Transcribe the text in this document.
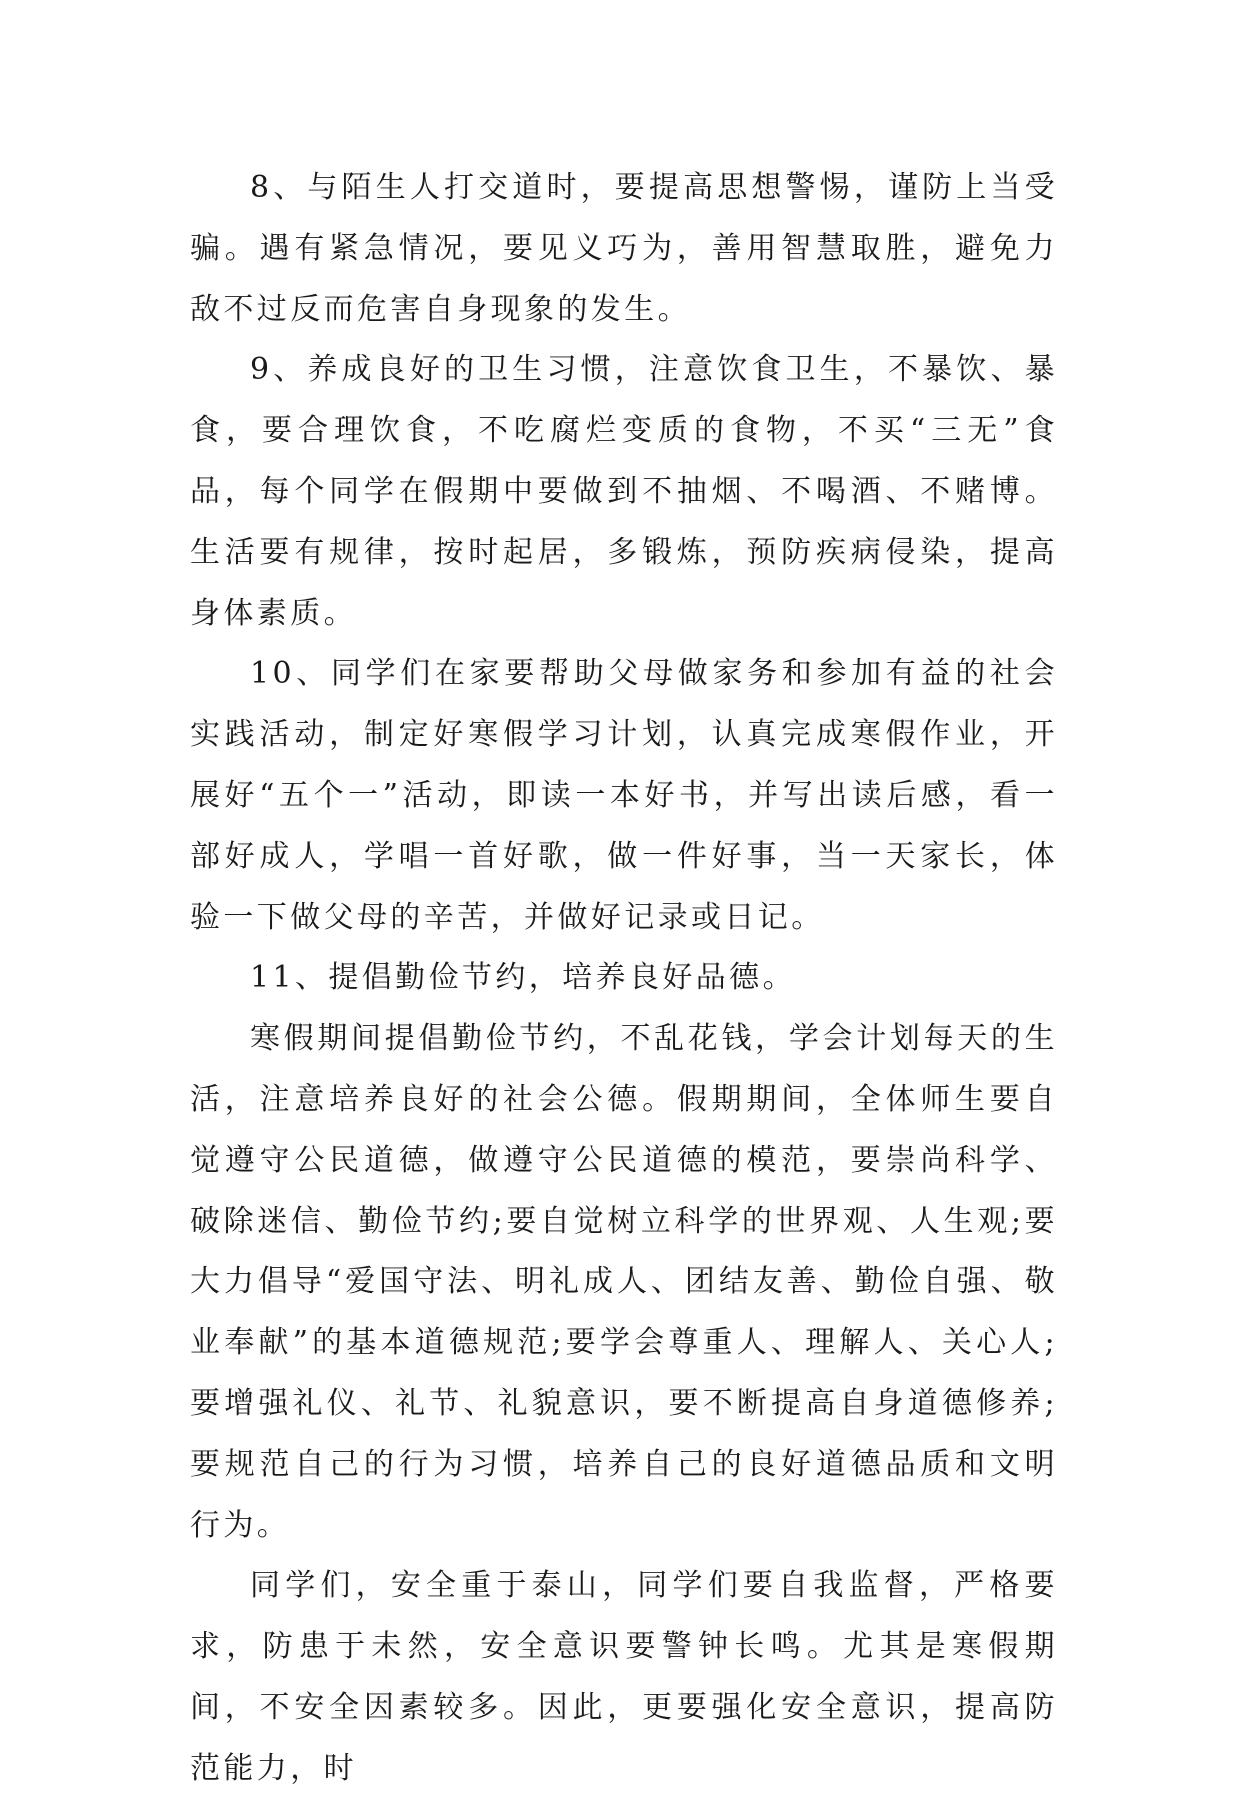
8、与陌生人打交道时，要提高思想警惕，谨防上当受骗。遇有紧急情况，要见义巧为，善用智慧取胜，避免力敌不过反而危害自身现象的发生。

9、养成良好的卫生习惯，注意饮食卫生，不暴饮、暴食，要合理饮食，不吃腐烂变质的食物，不买“三无”食品，每个同学在假期中要做到不抽烟、不喝酒、不赌博。生活要有规律，按时起居，多锻炼，预防疾病侵染，提高身体素质。

10、同学们在家要帮助父母做家务和参加有益的社会实践活动，制定好寒假学习计划，认真完成寒假作业，开展好“五个一”活动，即读一本好书，并写出读后感，看一部好成人，学唱一首好歌，做一件好事，当一天家长，体验一下做父母的辛苦，并做好记录或日记。

11、提倡勤俭节约，培养良好品德。

寒假期间提倡勤俭节约，不乱花钱，学会计划每天的生活，注意培养良好的社会公德。假期期间，全体师生要自觉遵守公民道德，做遵守公民道德的模范，要崇尚科学、破除迷信、勤俭节约;要自觉树立科学的世界观、人生观;要大力倡导“爱国守法、明礼成人、团结友善、勤俭自强、敬业奉献”的基本道德规范;要学会尊重人、理解人、关心人;要增强礼仪、礼节、礼貌意识，要不断提高自身道德修养;要规范自己的行为习惯，培养自己的良好道德品质和文明行为。

同学们，安全重于泰山，同学们要自我监督，严格要求，防患于未然，安全意识要警钟长鸣。尤其是寒假期间，不安全因素较多。因此，更要强化安全意识，提高防范能力，时
